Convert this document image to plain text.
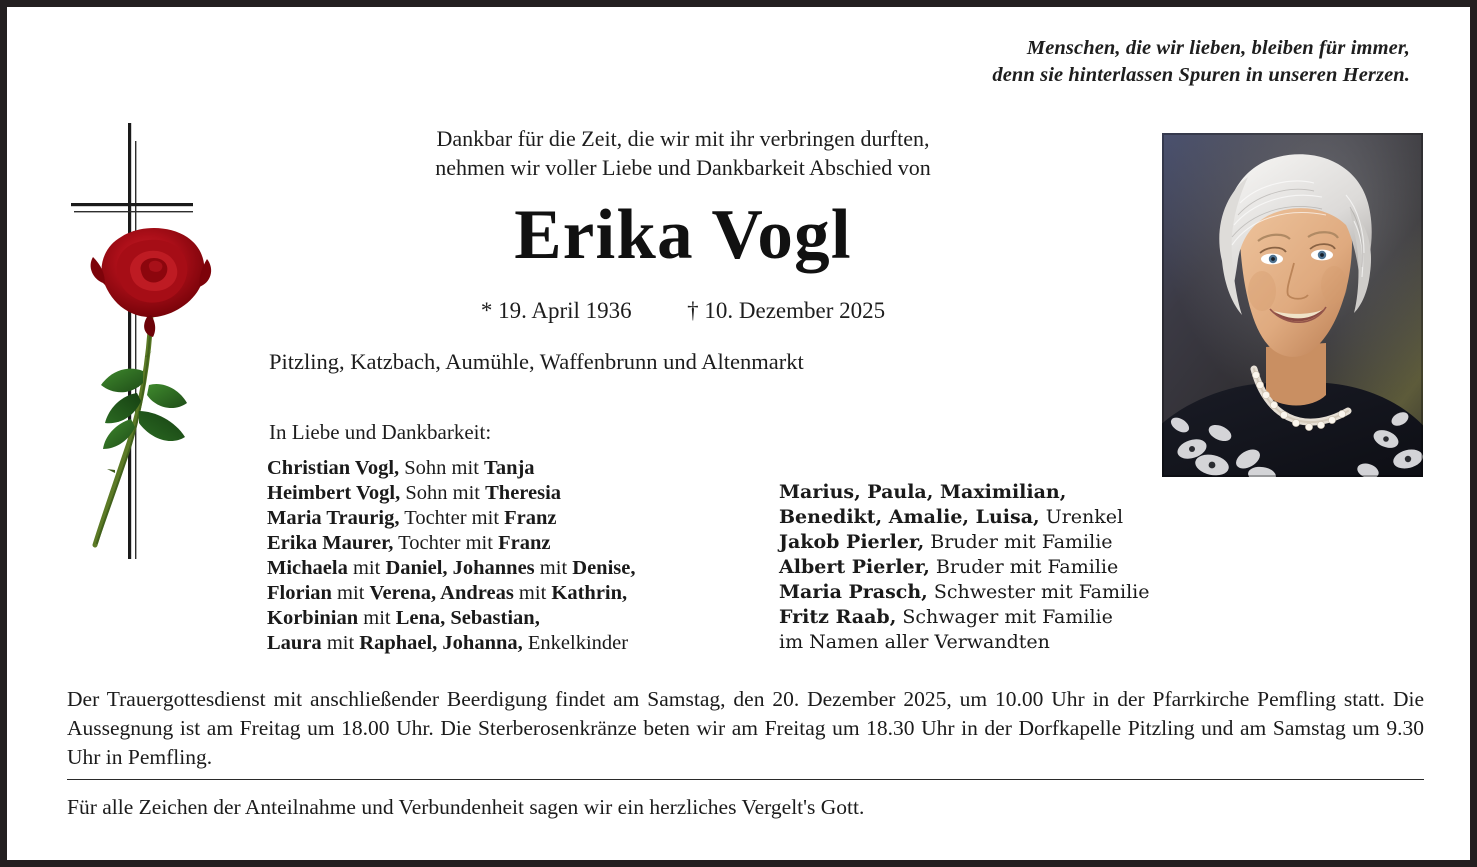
Menschen, die wir lieben, bleiben für immer,
denn sie hinterlassen Spuren in unseren Herzen.
Dankbar für die Zeit, die wir mit ihr verbringen durften,
nehmen wir voller Liebe und Dankbarkeit Abschied von
Erika Vogl
* 19. April 1936 † 10. Dezember 2025
Pitzling, Katzbach, Aumühle, Waffenbrunn und Altenmarkt
In Liebe und Dankbarkeit:
Christian Vogl, Sohn mit Tanja
Heimbert Vogl, Sohn mit Theresia
Maria Traurig, Tochter mit Franz
Erika Maurer, Tochter mit Franz
Michaela mit Daniel, Johannes mit Denise,
Florian mit Verena, Andreas mit Kathrin,
Korbinian mit Lena, Sebastian,
Laura mit Raphael, Johanna, Enkelkinder
Marius, Paula, Maximilian,
Benedikt, Amalie, Luisa, Urenkel
Jakob Pierler, Bruder mit Familie
Albert Pierler, Bruder mit Familie
Maria Prasch, Schwester mit Familie
Fritz Raab, Schwager mit Familie
im Namen aller Verwandten
Der Trauergottesdienst mit anschließender Beerdigung findet am Samstag, den 20. Dezember 2025, um 10.00 Uhr in der Pfarrkirche Pemfling statt. Die Aussegnung ist am Freitag um 18.00 Uhr. Die Sterberosenkränze beten wir am Freitag um 18.30 Uhr in der Dorfkapelle Pitzling und am Samstag um 9.30 Uhr in Pemfling.
Für alle Zeichen der Anteilnahme und Verbundenheit sagen wir ein herzliches Vergelt's Gott.
